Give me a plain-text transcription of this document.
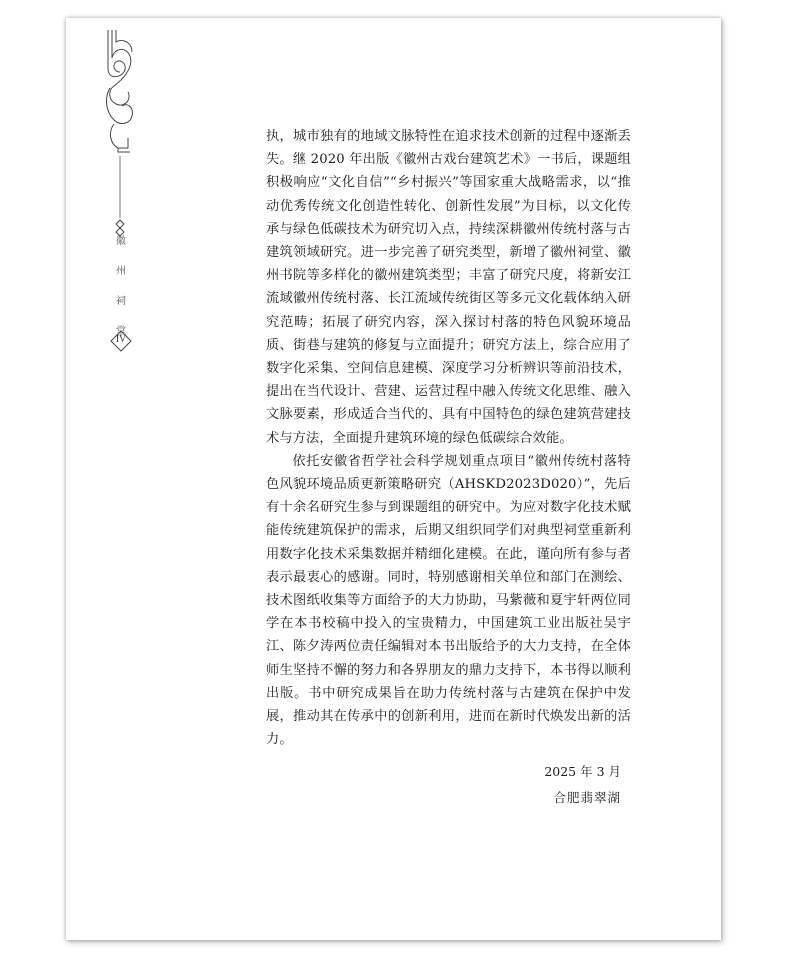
徽
州
祠
堂
IV

执，城市独有的地域文脉特性在追求技术创新的过程中逐渐丢失。继 2020 年出版《徽州古戏台建筑艺术》一书后，课题组积极响应“文化自信”“乡村振兴”等国家重大战略需求，以“推动优秀传统文化创造性转化、创新性发展”为目标，以文化传承与绿色低碳技术为研究切入点，持续深耕徽州传统村落与古建筑领域研究。进一步完善了研究类型，新增了徽州祠堂、徽州书院等多样化的徽州建筑类型；丰富了研究尺度，将新安江流域徽州传统村落、长江流域传统街区等多元文化载体纳入研究范畴；拓展了研究内容，深入探讨村落的特色风貌环境品质、街巷与建筑的修复与立面提升；研究方法上，综合应用了数字化采集、空间信息建模、深度学习分析辨识等前沿技术，提出在当代设计、营建、运营过程中融入传统文化思维、融入文脉要素，形成适合当代的、具有中国特色的绿色建筑营建技术与方法，全面提升建筑环境的绿色低碳综合效能。

依托安徽省哲学社会科学规划重点项目“徽州传统村落特色风貌环境品质更新策略研究（AHSKD2023D020）”，先后有十余名研究生参与到课题组的研究中。为应对数字化技术赋能传统建筑保护的需求，后期又组织同学们对典型祠堂重新利用数字化技术采集数据并精细化建模。在此，谨向所有参与者表示最衷心的感谢。同时，特别感谢相关单位和部门在测绘、技术图纸收集等方面给予的大力协助，马紫薇和夏宇轩两位同学在本书校稿中投入的宝贵精力，中国建筑工业出版社吴宇江、陈夕涛两位责任编辑对本书出版给予的大力支持，在全体师生坚持不懈的努力和各界朋友的鼎力支持下，本书得以顺利出版。书中研究成果旨在助力传统村落与古建筑在保护中发展，推动其在传承中的创新利用，进而在新时代焕发出新的活力。

2025 年 3 月
合肥翡翠湖
